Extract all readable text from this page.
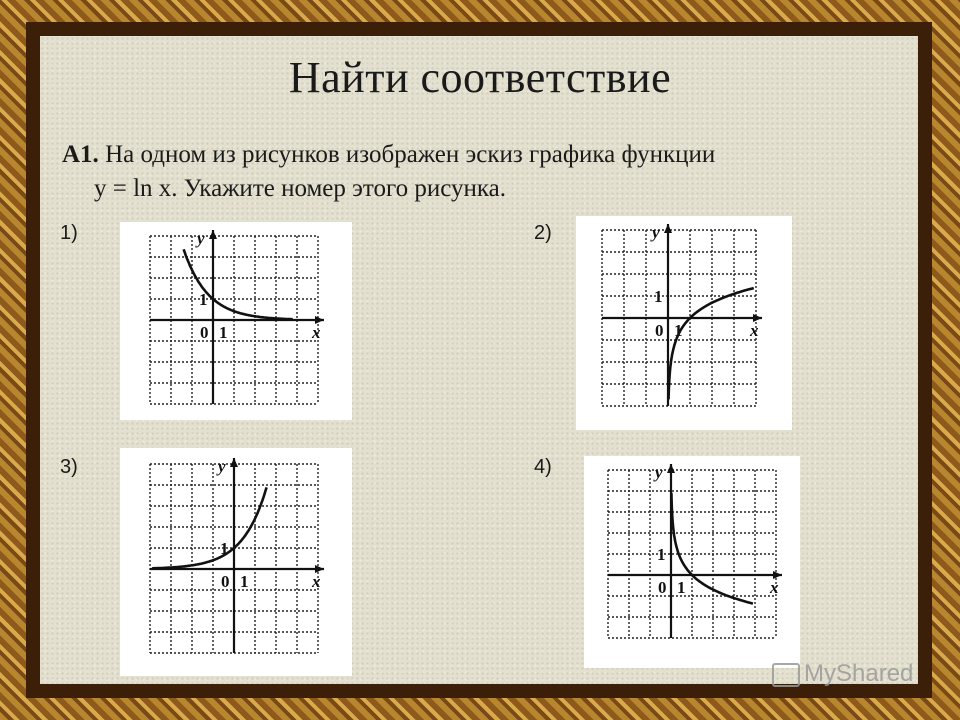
Найти соответствие
А1. На одном из рисунков изображен эскиз графика функции
y = ln x. Укажите номер этого рисунка.
1)	2)
3)	4)
y
x
0 1
1
y
x
0 1
1
y
x
0 1
1
y
x
0 1
1
MyShared
